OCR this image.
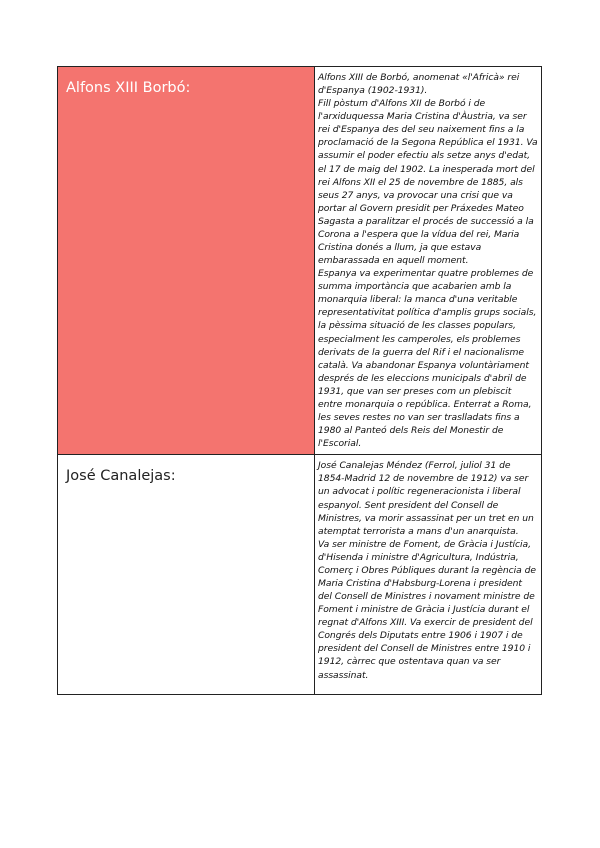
Alfons XIII Borbó:	Alfons XIII de Borbó, anomenat «l'Africà» rei d'Espanya (1902-1931).
Fill pòstum d'Alfons XII de Borbó i de l'arxiduquessa Maria Cristina d'Àustria, va ser rei d'Espanya des del seu naixement fins a la proclamació de la Segona República el 1931. Va assumir el poder efectiu als setze anys d'edat, el 17 de maig del 1902. La inesperada mort del rei Alfons XII el 25 de novembre de 1885, als seus 27 anys, va provocar una crisi que va portar al Govern presidit per Práxedes Mateo Sagasta a paralitzar el procés de successió a la Corona a l'espera que la vídua del rei, Maria Cristina donés a llum, ja que estava embarassada en aquell moment.
Espanya va experimentar quatre problemes de summa importància que acabarien amb la monarquia liberal: la manca d'una veritable representativitat política d'amplis grups socials, la pèssima situació de les classes populars, especialment les camperoles, els problemes derivats de la guerra del Rif i el nacionalisme català. Va abandonar Espanya voluntàriament després de les eleccions municipals d'abril de 1931, que van ser preses com un plebiscit entre monarquia o república. Enterrat a Roma, les seves restes no van ser traslladats fins a 1980 al Panteó dels Reis del Monestir de l'Escorial.

José Canalejas:	José Canalejas Méndez (Ferrol, juliol 31 de 1854-Madrid 12 de novembre de 1912) va ser un advocat i polític regeneracionista i liberal espanyol. Sent president del Consell de Ministres, va morir assassinat per un tret en un atemptat terrorista a mans d'un anarquista.
Va ser ministre de Foment, de Gràcia i Justícia, d'Hisenda i ministre d'Agricultura, Indústria, Comerç i Obres Públiques durant la regència de Maria Cristina d'Habsburg-Lorena i president del Consell de Ministres i novament ministre de Foment i ministre de Gràcia i Justícia durant el regnat d'Alfons XIII. Va exercir de president del Congrés dels Diputats entre 1906 i 1907 i de president del Consell de Ministres entre 1910 i 1912, càrrec que ostentava quan va ser assassinat.
